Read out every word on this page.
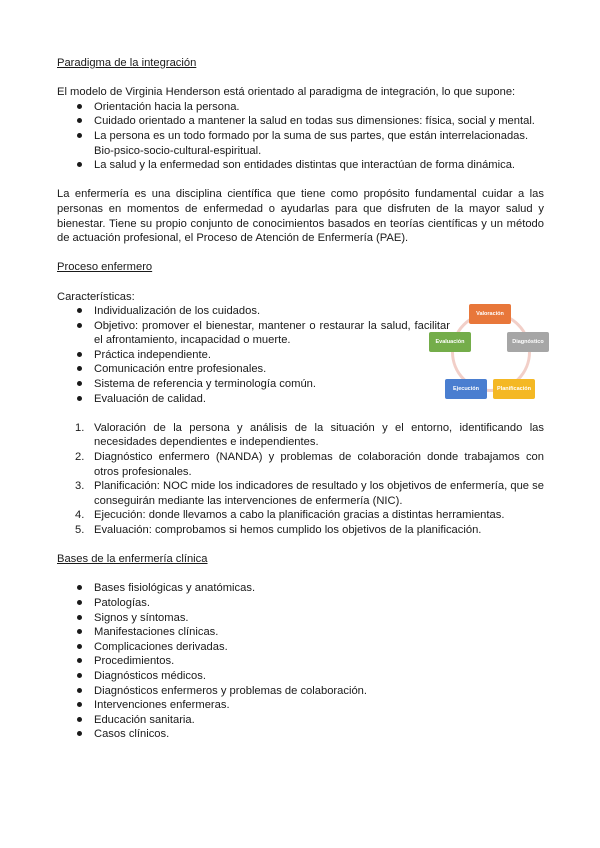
Paradigma de la integración

El modelo de Virginia Henderson está orientado al paradigma de integración, lo que supone:

Orientación hacia la persona.
Cuidado orientado a mantener la salud en todas sus dimensiones: física, social y mental.
La persona es un todo formado por la suma de sus partes, que están interrelacionadas. Bio-psico-socio-cultural-espiritual.
La salud y la enfermedad son entidades distintas que interactúan de forma dinámica.

La enfermería es una disciplina científica que tiene como propósito fundamental cuidar a las personas en momentos de enfermedad o ayudarlas para que disfruten de la mayor salud y bienestar. Tiene su propio conjunto de conocimientos basados en teorías científicas y un método de actuación profesional, el Proceso de Atención de Enfermería (PAE).

Proceso enfermero

Características:

Individualización de los cuidados.
Objetivo: promover el bienestar, mantener o restaurar la salud, facilitar el afrontamiento, incapacidad o muerte.
Práctica independiente.
Comunicación entre profesionales.
Sistema de referencia y terminología común.
Evaluación de calidad.
1. Valoración de la persona y análisis de la situación y el entorno, identificando las necesidades dependientes e independientes.
2. Diagnóstico enfermero (NANDA) y problemas de colaboración donde trabajamos con otros profesionales.
3. Planificación: NOC mide los indicadores de resultado y los objetivos de enfermería, que se conseguirán mediante las intervenciones de enfermería (NIC).
4. Ejecución: donde llevamos a cabo la planificación gracias a distintas herramientas.
5. Evaluación: comprobamos si hemos cumplido los objetivos de la planificación.

Bases de la enfermería clínica

Bases fisiológicas y anatómicas.
Patologías.
Signos y síntomas.
Manifestaciones clínicas.
Complicaciones derivadas.
Procedimientos.
Diagnósticos médicos.
Diagnósticos enfermeros y problemas de colaboración.
Intervenciones enfermeras.
Educación sanitaria.
Casos clínicos.
Valoración
Diagnóstico
Planificación
Ejecución
Evaluación
